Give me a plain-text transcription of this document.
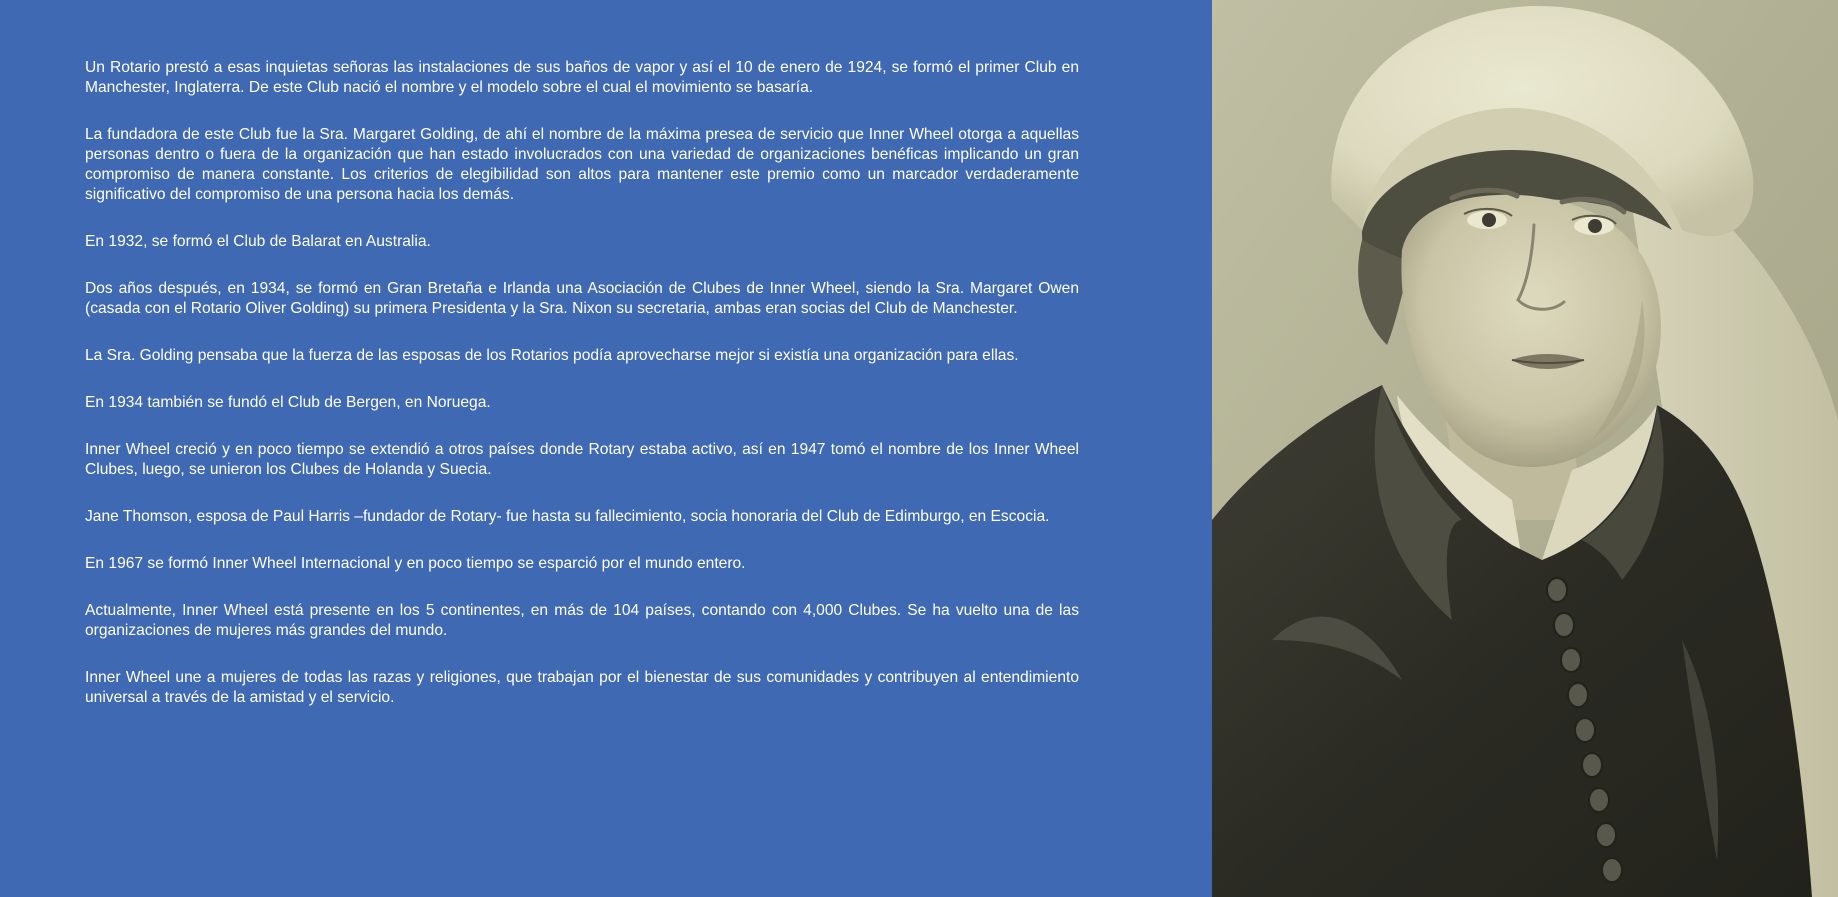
Un Rotario prestó a esas inquietas señoras las instalaciones de sus baños de vapor y así el 10 de enero de 1924, se formó el primer Club en Manchester, Inglaterra. De este Club nació el nombre y el modelo sobre el cual el movimiento se basaría.

La fundadora de este Club fue la Sra. Margaret Golding, de ahí el nombre de la máxima presea de servicio que Inner Wheel otorga a aquellas personas dentro o fuera de la organización que han estado involucrados con una variedad de organizaciones benéficas implicando un gran compromiso de manera constante. Los criterios de elegibilidad son altos para mantener este premio como un marcador verdaderamente significativo del compromiso de una persona hacia los demás.

En 1932, se formó el Club de Balarat en Australia.

Dos años después, en 1934, se formó en Gran Bretaña e Irlanda una Asociación de Clubes de Inner Wheel, siendo la Sra. Margaret Owen (casada con el Rotario Oliver Golding) su primera Presidenta y la Sra. Nixon su secretaria, ambas eran socias del Club de Manchester.

La Sra. Golding pensaba que la fuerza de las esposas de los Rotarios podía aprovecharse mejor si existía una organización para ellas.

En 1934 también se fundó el Club de Bergen, en Noruega.

Inner Wheel creció y en poco tiempo se extendió a otros países donde Rotary estaba activo, así en 1947 tomó el nombre de los Inner Wheel Clubes, luego, se unieron los Clubes de Holanda y Suecia.

Jane Thomson, esposa de Paul Harris –fundador de Rotary- fue hasta su fallecimiento, socia honoraria del Club de Edimburgo, en Escocia.

En 1967 se formó Inner Wheel Internacional y en poco tiempo se esparció por el mundo entero.

Actualmente, Inner Wheel está presente en los 5 continentes, en más de 104 países, contando con 4,000 Clubes. Se ha vuelto una de las organizaciones de mujeres más grandes del mundo.

Inner Wheel une a mujeres de todas las razas y religiones, que trabajan por el bienestar de sus comunidades y contribuyen al entendimiento universal a través de la amistad y el servicio.
